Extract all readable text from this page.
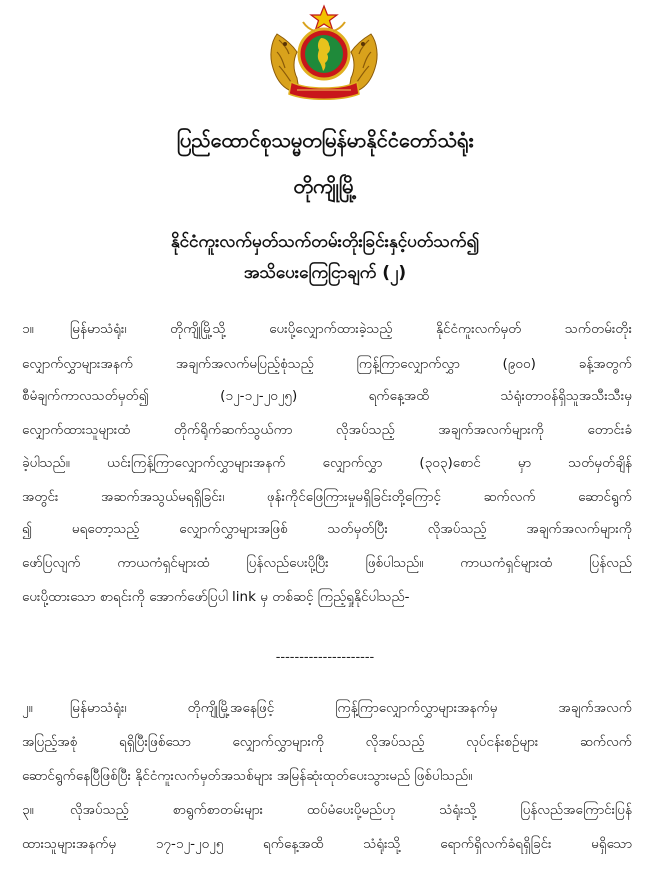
ပြည်ထောင်စုသမ္မတမြန်မာနိုင်ငံတော်သံရုံး
တိုကျိုမြို့
နိုင်ငံကူးလက်မှတ်သက်တမ်းတိုးခြင်းနှင့်ပတ်သက်၍
အသိပေးကြေငြာချက် (၂)
၁။	မြန်မာသံရုံး၊ တိုကျိုမြို့သို့ ပေးပို့လျှောက်ထားခဲ့သည့် နိုင်ငံကူးလက်မှတ် သက်တမ်းတိုး
လျှောက်လွှာများအနက် အချက်အလက်မပြည့်စုံသည့် ကြန့်ကြာလျှောက်လွှာ (၉၀၀) ခန့်အတွက်
စီမံချက်ကာလသတ်မှတ်၍ (၁၂-၁၂-၂၀၂၅) ရက်နေ့အထိ သံရုံးတာဝန်ရှိသူအသီးသီးမှ
လျှောက်ထားသူများထံ တိုက်ရိုက်ဆက်သွယ်ကာ လိုအပ်သည့် အချက်အလက်များကို တောင်းခံ
ခဲ့ပါသည်။ ယင်းကြန့်ကြာလျှောက်လွှာများအနက် လျှောက်လွှာ (၃၀၃)စောင် မှာ သတ်မှတ်ချိန်
အတွင်း အဆက်အသွယ်မရရှိခြင်း၊ ဖုန်းကိုင်ဖြေကြားမှုမရှိခြင်းတို့ကြောင့် ဆက်လက် ဆောင်ရွက်
၍ မရတော့သည့် လျှောက်လွှာများအဖြစ် သတ်မှတ်ပြီး လိုအပ်သည့် အချက်အလက်များကို
ဖော်ပြလျက် ကာယကံရှင်များထံ ပြန်လည်ပေးပို့ပြီး ဖြစ်ပါသည်။ ကာယကံရှင်များထံ ပြန်လည်
ပေးပို့ထားသော စာရင်းကို အောက်ဖော်ပြပါ link မှ တစ်ဆင့် ကြည့်ရှုနိုင်ပါသည်-
---------------------
၂။	မြန်မာသံရုံး၊ တိုကျိုမြို့အနေဖြင့် ကြန့်ကြာလျှောက်လွှာများအနက်မှ အချက်အလက်
အပြည့်အစုံ ရရှိပြီးဖြစ်သော လျှောက်လွှာများကို လိုအပ်သည့် လုပ်ငန်းစဉ်များ ဆက်လက်
ဆောင်ရွက်နေပြီဖြစ်ပြီး နိုင်ငံကူးလက်မှတ်အသစ်များ အမြန်ဆုံးထုတ်ပေးသွားမည် ဖြစ်ပါသည်။
၃။	လိုအပ်သည့် စာရွက်စာတမ်းများ ထပ်မံပေးပို့မည်ဟု သံရုံးသို့ ပြန်လည်အကြောင်းပြန်
ထားသူများအနက်မှ ၁၇-၁၂-၂၀၂၅ ရက်နေ့အထိ သံရုံးသို့ ရောက်ရှိလက်ခံရရှိခြင်း မရှိသော
